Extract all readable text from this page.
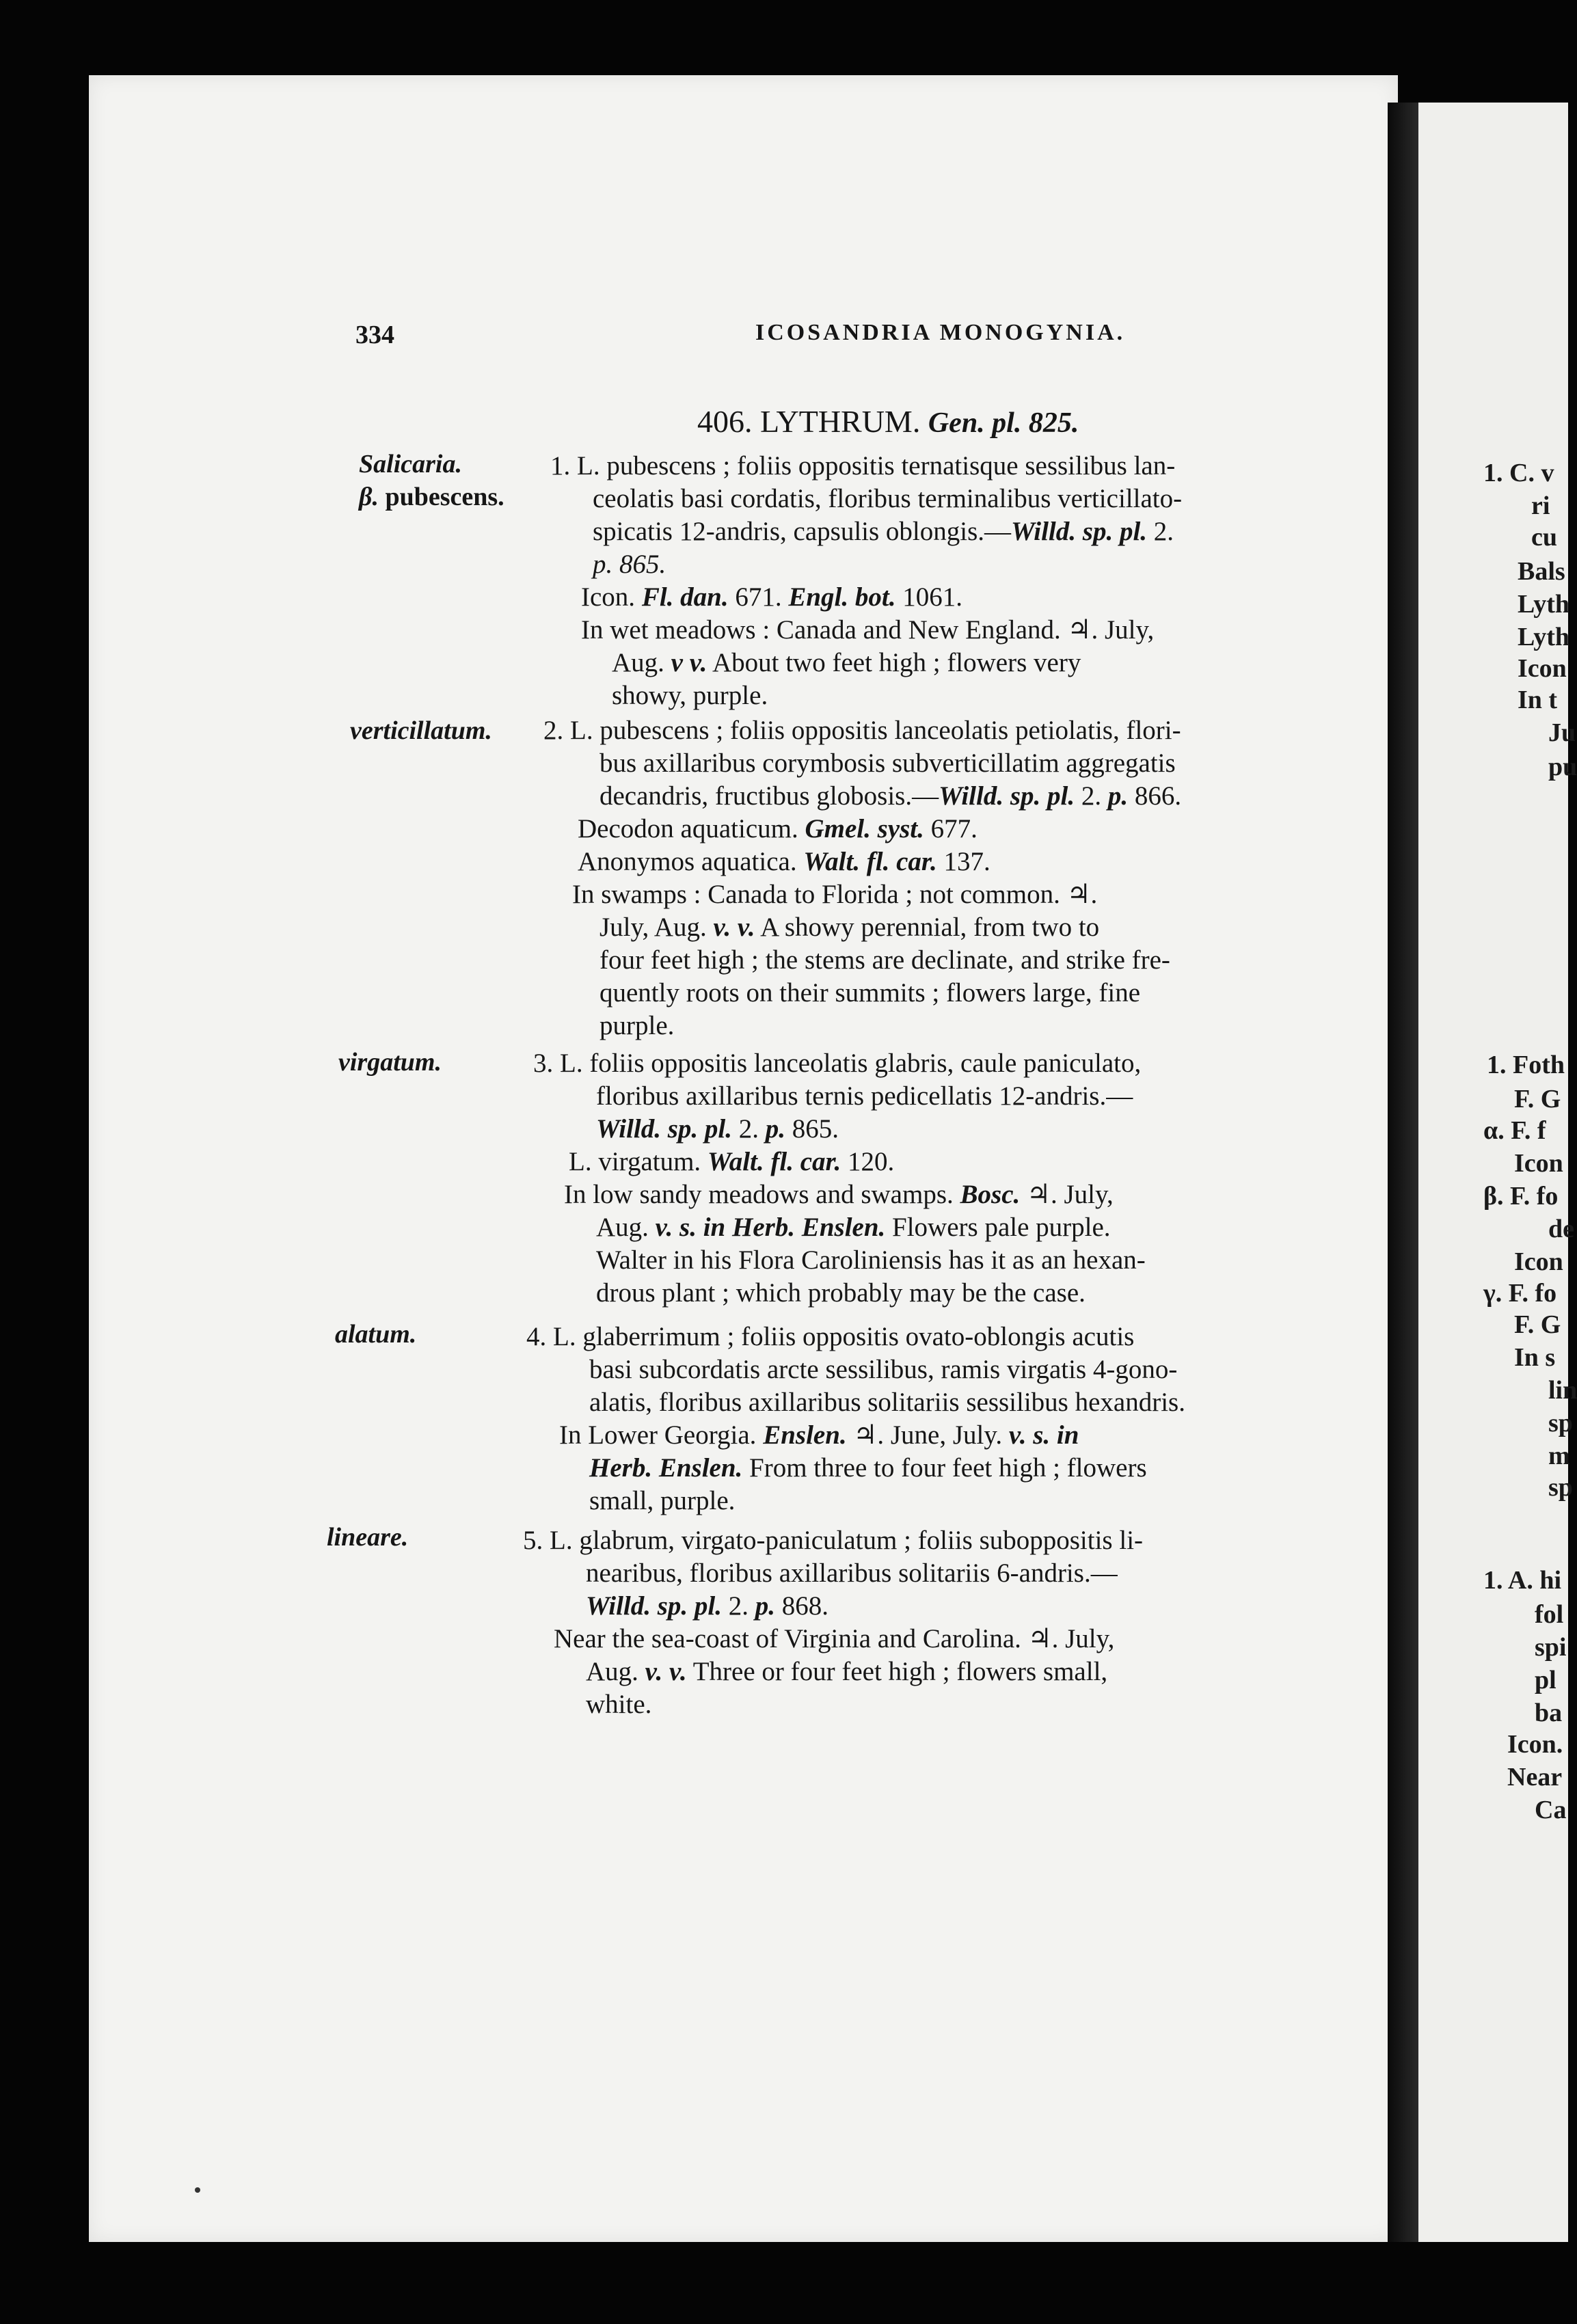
1. C. v
ri
cu
Bals
Lyth
Lyth
Icon
In t
Ju
pu
1. Foth
F. G
α. F. f
Icon
β. F. fo
de
Icon
γ. F. fo
F. G
In s
lin
sp
m
sp
1. A. hi
fol
spi
pl
ba
Icon.
Near
Ca
334	ICOSANDRIA MONOGYNIA.
406. LYTHRUM. Gen. pl. 825.
Salicaria.
β. pubescens.
verticillatum.
virgatum.
alatum.
lineare.
1. L. pubescens ; foliis oppositis ternatisque sessilibus lan-
ceolatis basi cordatis, floribus terminalibus verticillato-
spicatis 12-andris, capsulis oblongis.—Willd. sp. pl. 2.
p. 865.
Icon. Fl. dan. 671. Engl. bot. 1061.
In wet meadows : Canada and New England. ♃. July,
Aug. v v. About two feet high ; flowers very
showy, purple.
2. L. pubescens ; foliis oppositis lanceolatis petiolatis, flori-
bus axillaribus corymbosis subverticillatim aggregatis
decandris, fructibus globosis.—Willd. sp. pl. 2. p. 866.
Decodon aquaticum. Gmel. syst. 677.
Anonymos aquatica. Walt. fl. car. 137.
In swamps : Canada to Florida ; not common. ♃.
July, Aug. v. v. A showy perennial, from two to
four feet high ; the stems are declinate, and strike fre-
quently roots on their summits ; flowers large, fine
purple.
3. L. foliis oppositis lanceolatis glabris, caule paniculato,
floribus axillaribus ternis pedicellatis 12-andris.—
Willd. sp. pl. 2. p. 865.
L. virgatum. Walt. fl. car. 120.
In low sandy meadows and swamps. Bosc. ♃. July,
Aug. v. s. in Herb. Enslen. Flowers pale purple.
Walter in his Flora Caroliniensis has it as an hexan-
drous plant ; which probably may be the case.
4. L. glaberrimum ; foliis oppositis ovato-oblongis acutis
basi subcordatis arcte sessilibus, ramis virgatis 4-gono-
alatis, floribus axillaribus solitariis sessilibus hexandris.
In Lower Georgia. Enslen. ♃. June, July. v. s. in
Herb. Enslen. From three to four feet high ; flowers
small, purple.
5. L. glabrum, virgato-paniculatum ; foliis suboppositis li-
nearibus, floribus axillaribus solitariis 6-andris.—
Willd. sp. pl. 2. p. 868.
Near the sea-coast of Virginia and Carolina. ♃. July,
Aug. v. v. Three or four feet high ; flowers small,
white.
